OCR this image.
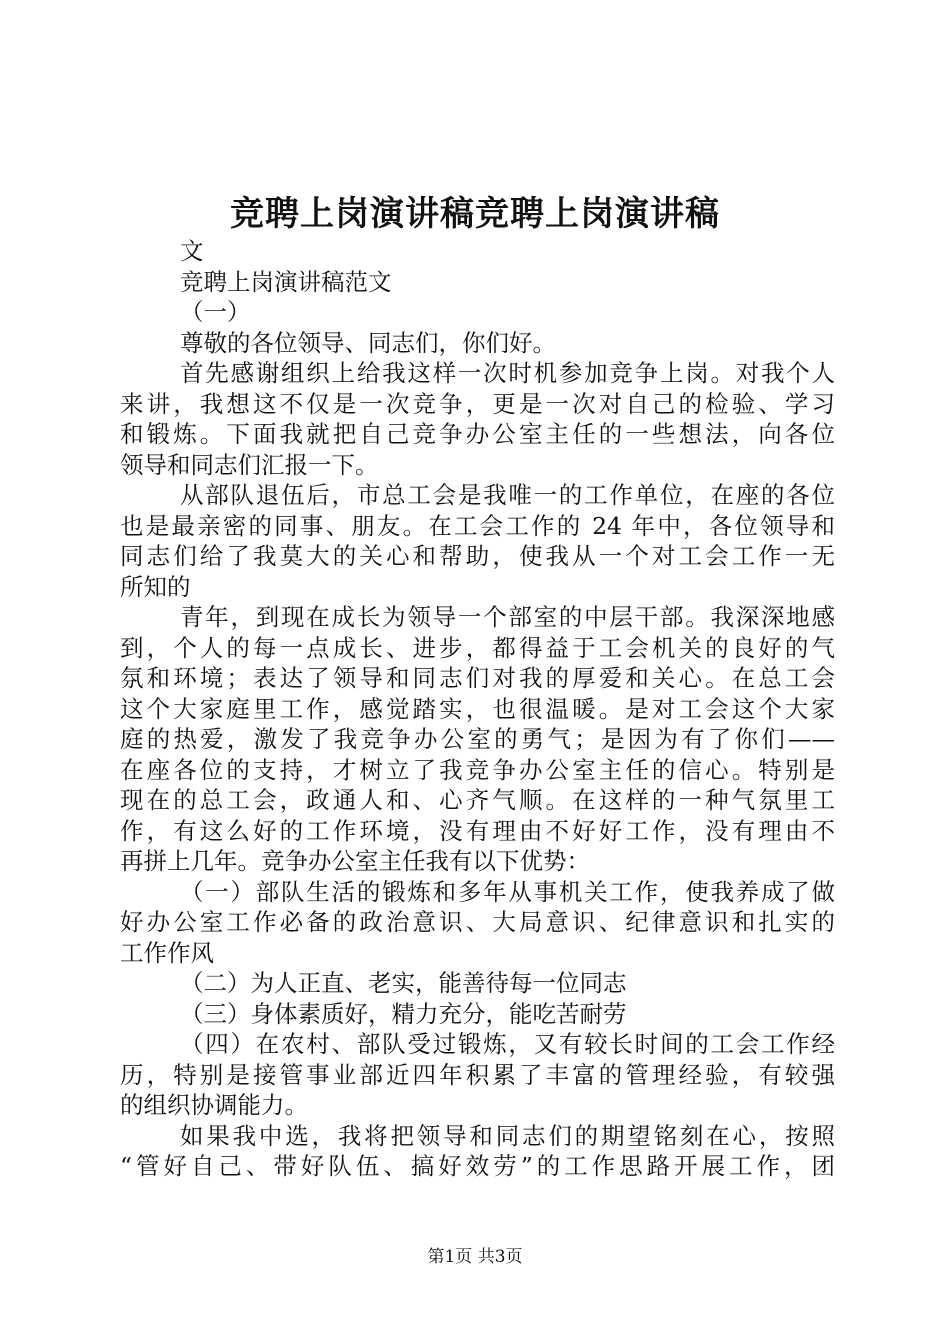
竞聘上岗演讲稿竞聘上岗演讲稿
文
竞聘上岗演讲稿范文
（一）
尊敬的各位领导、同志们，你们好。
首先感谢组织上给我这样一次时机参加竞争上岗。对我个人
来讲，我想这不仅是一次竞争，更是一次对自己的检验、学习
和锻炼。下面我就把自己竞争办公室主任的一些想法，向各位
领导和同志们汇报一下。
从部队退伍后，市总工会是我唯一的工作单位，在座的各位
也是最亲密的同事、朋友。在工会工作的 24 年中，各位领导和
同志们给了我莫大的关心和帮助，使我从一个对工会工作一无
所知的
青年，到现在成长为领导一个部室的中层干部。我深深地感
到，个人的每一点成长、进步，都得益于工会机关的良好的气
氛和环境；表达了领导和同志们对我的厚爱和关心。在总工会
这个大家庭里工作，感觉踏实，也很温暖。是对工会这个大家
庭的热爱，激发了我竞争办公室的勇气；是因为有了你们——
在座各位的支持，才树立了我竞争办公室主任的信心。特别是
现在的总工会，政通人和、心齐气顺。在这样的一种气氛里工
作，有这么好的工作环境，没有理由不好好工作，没有理由不
再拼上几年。竞争办公室主任我有以下优势：
（一）部队生活的锻炼和多年从事机关工作，使我养成了做
好办公室工作必备的政治意识、大局意识、纪律意识和扎实的
工作作风
（二）为人正直、老实，能善待每一位同志
（三）身体素质好，精力充分，能吃苦耐劳
（四）在农村、部队受过锻炼，又有较长时间的工会工作经
历，特别是接管事业部近四年积累了丰富的管理经验，有较强
的组织协调能力。
如果我中选，我将把领导和同志们的期望铭刻在心，按照
“管好自己、带好队伍、搞好效劳”的工作思路开展工作，团
第1页 共3页
